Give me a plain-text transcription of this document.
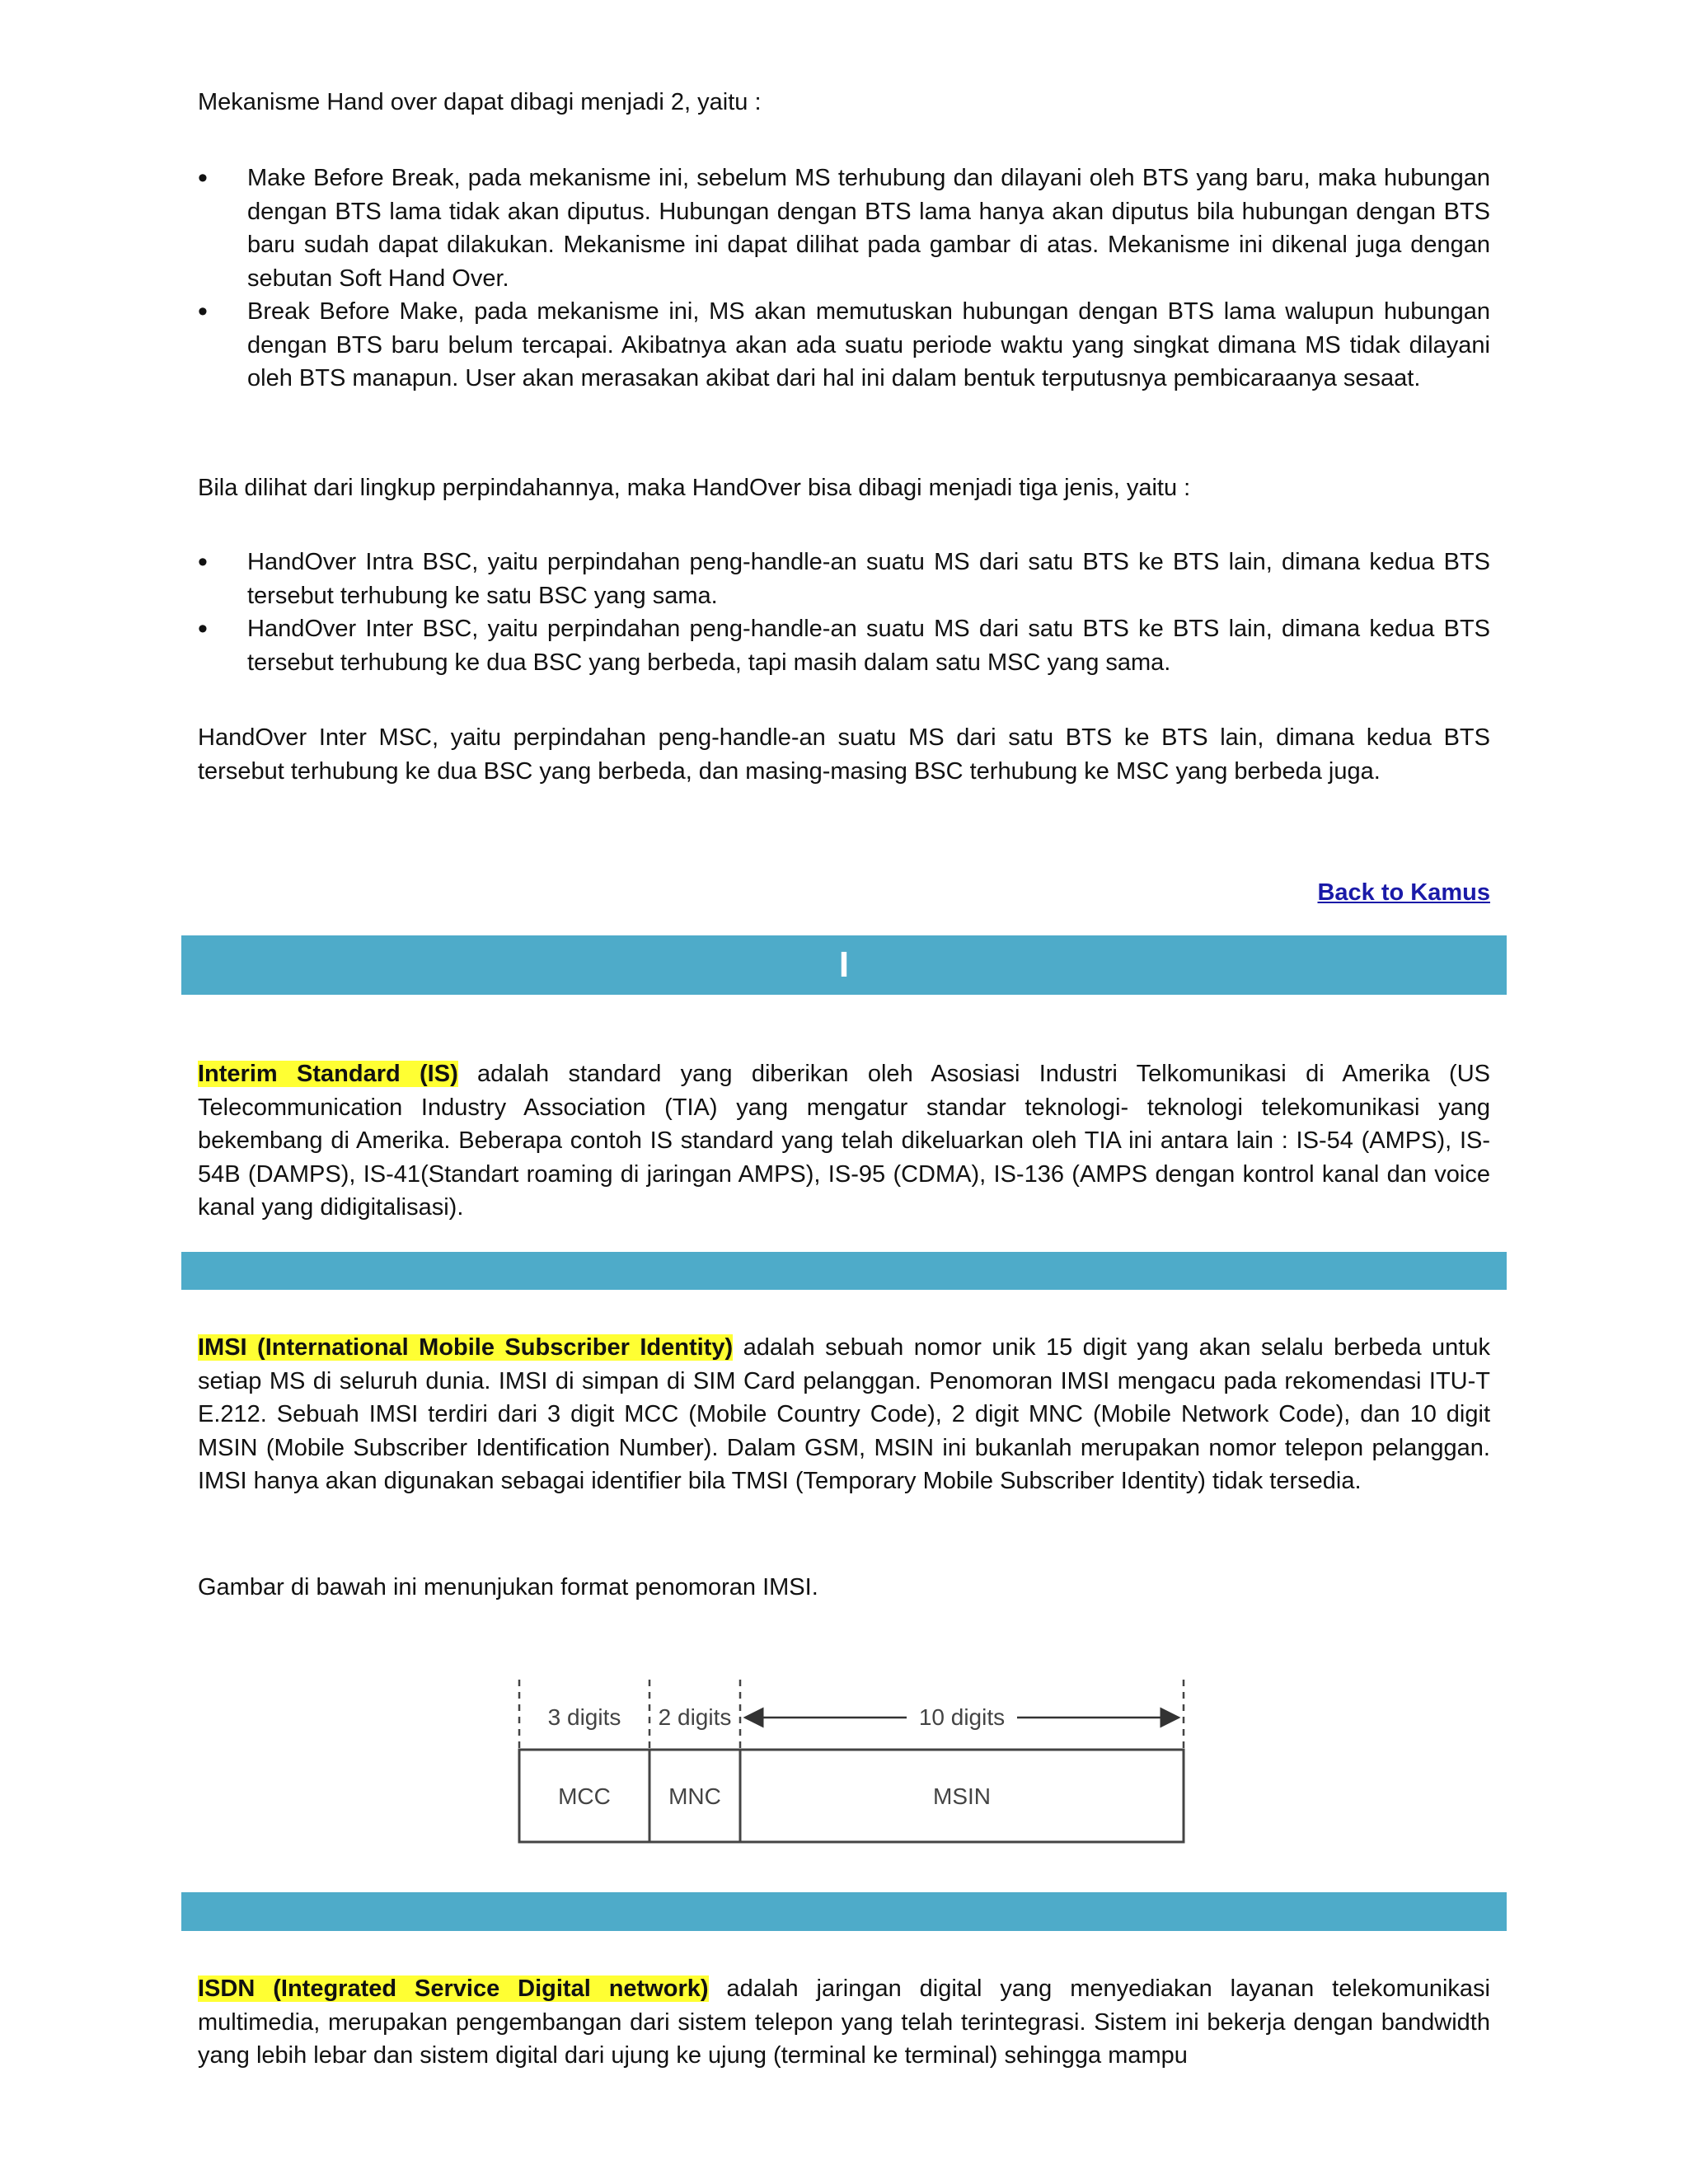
Mekanisme Hand over dapat dibagi menjadi 2, yaitu :

• Make Before Break, pada mekanisme ini, sebelum MS terhubung dan dilayani oleh BTS yang baru, maka hubungan dengan BTS lama tidak akan diputus. Hubungan dengan BTS lama hanya akan diputus bila hubungan dengan BTS baru sudah dapat dilakukan. Mekanisme ini dapat dilihat pada gambar di atas. Mekanisme ini dikenal juga dengan sebutan Soft Hand Over.
• Break Before Make, pada mekanisme ini, MS akan memutuskan hubungan dengan BTS lama walupun hubungan dengan BTS baru belum tercapai. Akibatnya akan ada suatu periode waktu yang singkat dimana MS tidak dilayani oleh BTS manapun. User akan merasakan akibat dari hal ini dalam bentuk terputusnya pembicaraanya sesaat.

Bila dilihat dari lingkup perpindahannya, maka HandOver bisa dibagi menjadi tiga jenis, yaitu :

• HandOver Intra BSC, yaitu perpindahan peng-handle-an suatu MS dari satu BTS ke BTS lain, dimana kedua BTS tersebut terhubung ke satu BSC yang sama.
• HandOver Inter BSC, yaitu perpindahan peng-handle-an suatu MS dari satu BTS ke BTS lain, dimana kedua BTS tersebut terhubung ke dua BSC yang berbeda, tapi masih dalam satu MSC yang sama.

HandOver Inter MSC, yaitu perpindahan peng-handle-an suatu MS dari satu BTS ke BTS lain, dimana kedua BTS tersebut terhubung ke dua BSC yang berbeda, dan masing-masing BSC terhubung ke MSC yang berbeda juga.

Back to Kamus
I

Interim Standard (IS) adalah standard yang diberikan oleh Asosiasi Industri Telkomunikasi di Amerika (US Telecommunication Industry Association (TIA) yang mengatur standar teknologi- teknologi telekomunikasi yang bekembang di Amerika. Beberapa contoh IS standard yang telah dikeluarkan oleh TIA ini antara lain : IS-54 (AMPS), IS-54B (DAMPS), IS-41(Standart roaming di jaringan AMPS), IS-95 (CDMA), IS-136 (AMPS dengan kontrol kanal dan voice kanal yang didigitalisasi).

IMSI (International Mobile Subscriber Identity) adalah sebuah nomor unik 15 digit yang akan selalu berbeda untuk setiap MS di seluruh dunia. IMSI di simpan di SIM Card pelanggan. Penomoran IMSI mengacu pada rekomendasi ITU-T E.212. Sebuah IMSI terdiri dari 3 digit MCC (Mobile Country Code), 2 digit MNC (Mobile Network Code), dan 10 digit MSIN (Mobile Subscriber Identification Number). Dalam GSM, MSIN ini bukanlah merupakan nomor telepon pelanggan. IMSI hanya akan digunakan sebagai identifier bila TMSI (Temporary Mobile Subscriber Identity) tidak tersedia.

Gambar di bawah ini menunjukan format penomoran IMSI.

3 digits 2 digits	10 digits
MCC	MNC	MSIN

ISDN (Integrated Service Digital network) adalah jaringan digital yang menyediakan layanan telekomunikasi multimedia, merupakan pengembangan dari sistem telepon yang telah terintegrasi. Sistem ini bekerja dengan bandwidth yang lebih lebar dan sistem digital dari ujung ke ujung (terminal ke terminal) sehingga mampu
